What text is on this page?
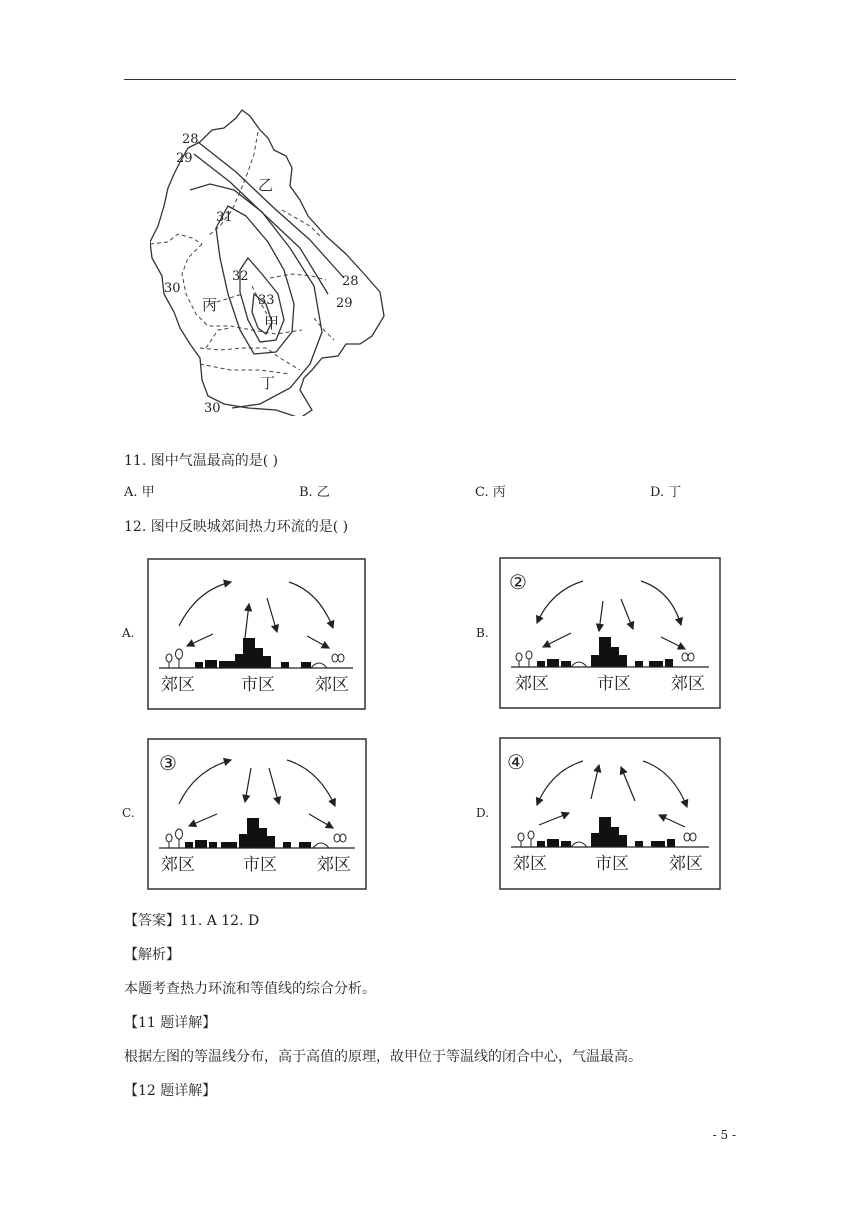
28
29
31
30
32
33
28
29
30
乙
丙
甲
丁
11. 图中气温最高的是( )
A. 甲	B. 乙	C. 丙	D. 丁
12. 图中反映城郊间热力环流的是( )
A.	B.
C.	D.
郊区	市区 郊区
②
郊区	市区 郊区
③
郊区	市区 郊区
④
郊区	市区 郊区
【答案】11. A 12. D
【解析】
本题考查热力环流和等值线的综合分析。
【11 题详解】
根据左图的等温线分布，高于高值的原理，故甲位于等温线的闭合中心，气温最高。
【12 题详解】
- 5 -
